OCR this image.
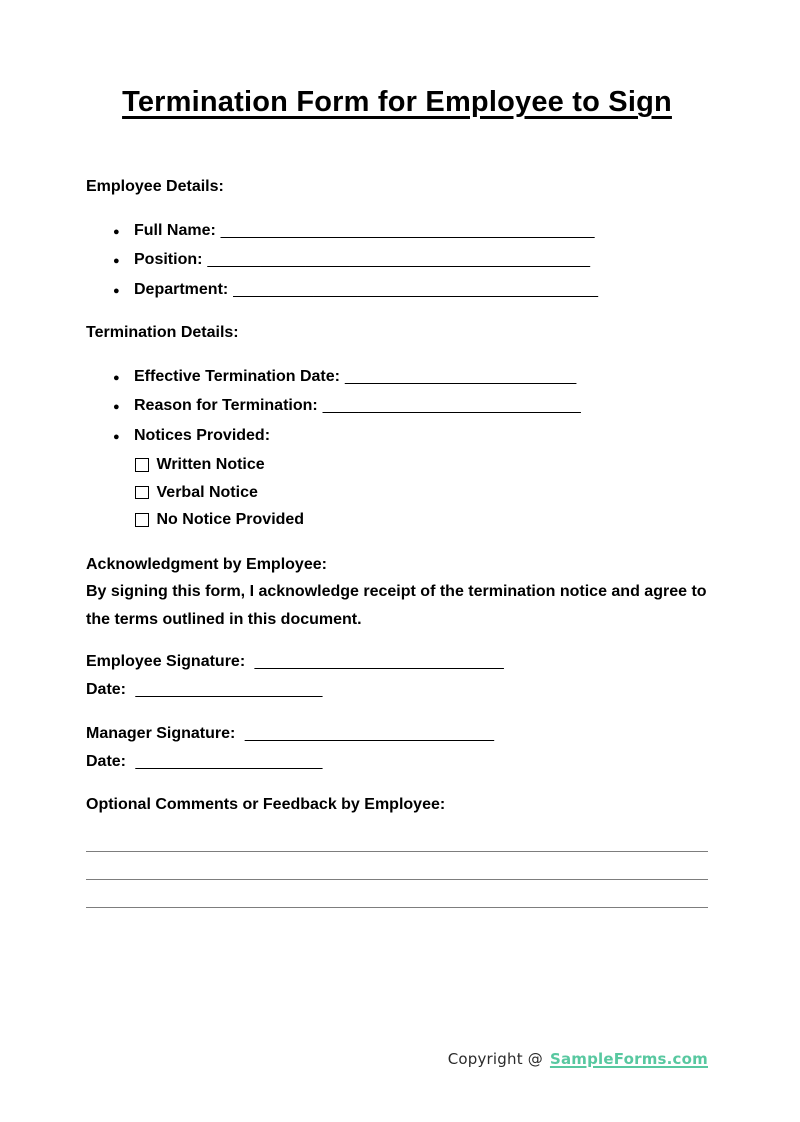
Termination Form for Employee to Sign
Employee Details:
● Full Name: __________________________________________
● Position: ___________________________________________
● Department: _________________________________________
Termination Details:
● Effective Termination Date: __________________________
● Reason for Termination: _____________________________
● Notices Provided:
Written Notice
Verbal Notice
No Notice Provided
Acknowledgment by Employee:

By signing this form, I acknowledge receipt of the termination notice and agree to the terms outlined in this document.

Employee Signature: ____________________________
Date: _____________________
Manager Signature: ____________________________
Date: _____________________
Optional Comments or Feedback by Employee:
Copyright @ SampleForms.com
